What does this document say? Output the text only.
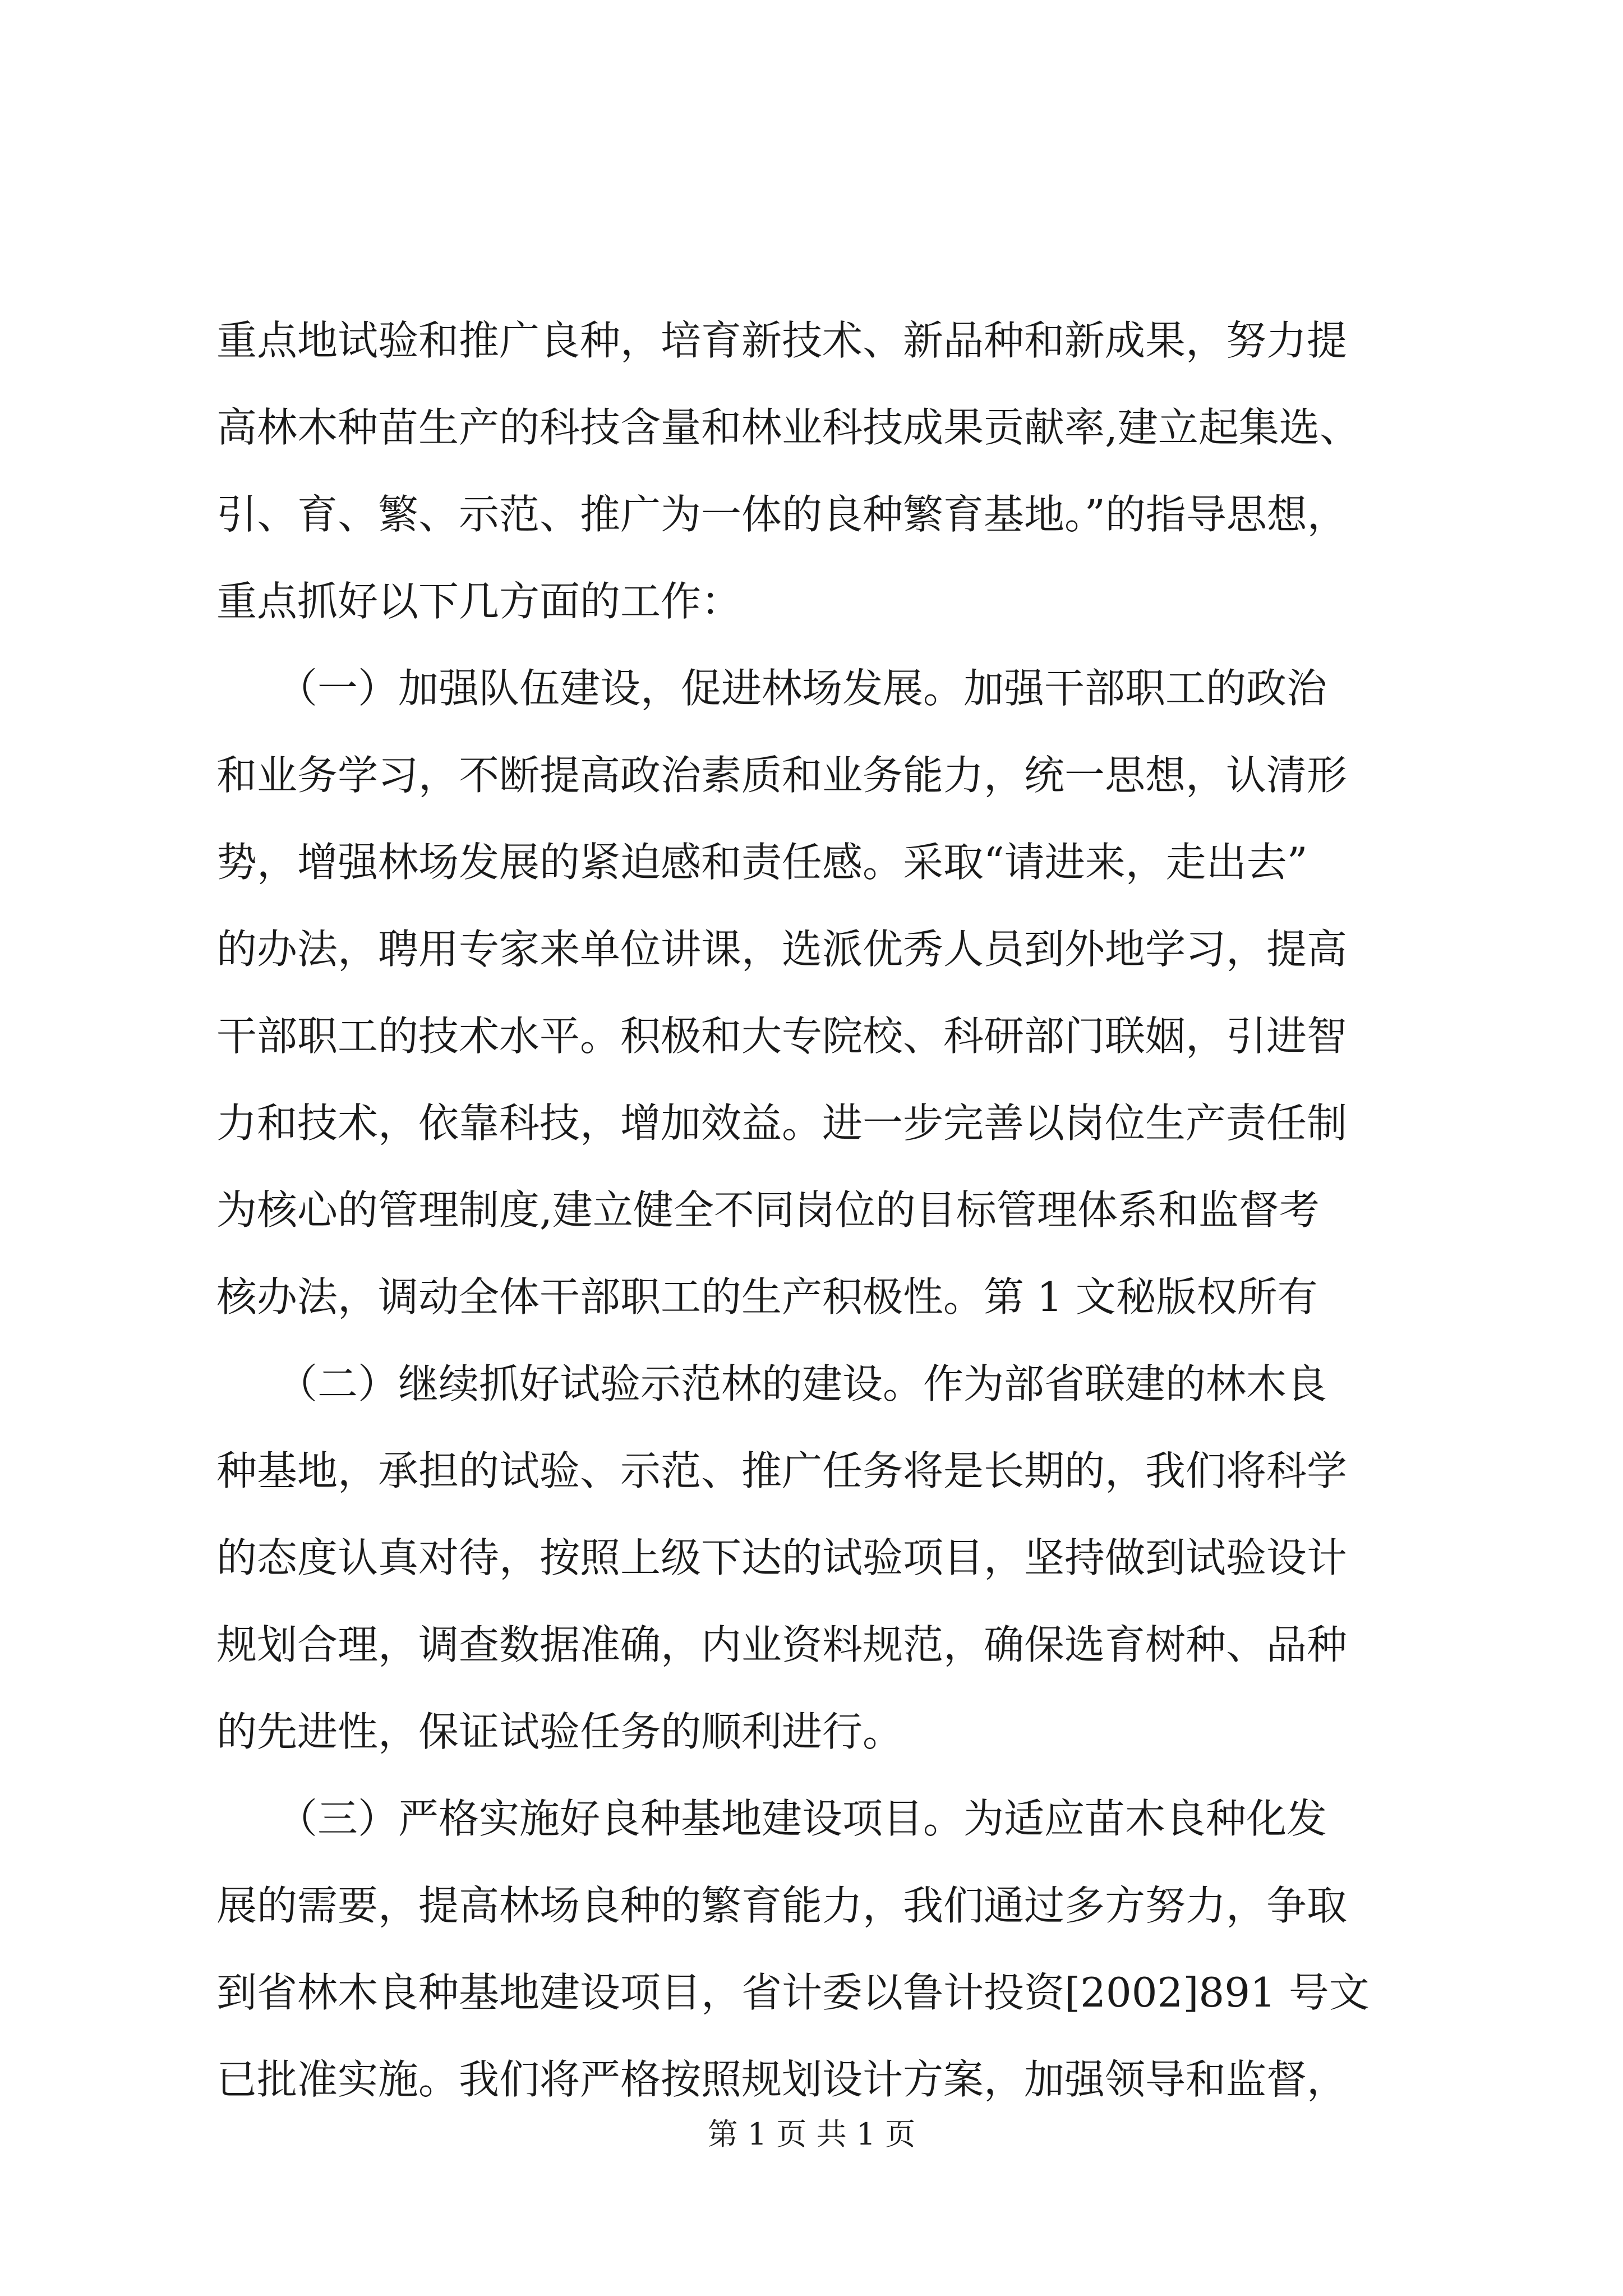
重点地试验和推广良种，培育新技术、新品种和新成果，努力提
高林木种苗生产的科技含量和林业科技成果贡献率,建立起集选、
引、育、繁、示范、推广为一体的良种繁育基地。”的指导思想，
重点抓好以下几方面的工作：
　　（一）加强队伍建设，促进林场发展。加强干部职工的政治
和业务学习，不断提高政治素质和业务能力，统一思想，认清形
势，增强林场发展的紧迫感和责任感。采取“请进来，走出去”
的办法，聘用专家来单位讲课，选派优秀人员到外地学习，提高
干部职工的技术水平。积极和大专院校、科研部门联姻，引进智
力和技术，依靠科技，增加效益。进一步完善以岗位生产责任制
为核心的管理制度,建立健全不同岗位的目标管理体系和监督考
核办法，调动全体干部职工的生产积极性。第 1 文秘版权所有
　　（二）继续抓好试验示范林的建设。作为部省联建的林木良
种基地，承担的试验、示范、推广任务将是长期的，我们将科学
的态度认真对待，按照上级下达的试验项目，坚持做到试验设计
规划合理，调查数据准确，内业资料规范，确保选育树种、品种
的先进性，保证试验任务的顺利进行。
　　（三）严格实施好良种基地建设项目。为适应苗木良种化发
展的需要，提高林场良种的繁育能力，我们通过多方努力，争取
到省林木良种基地建设项目，省计委以鲁计投资[2002]891 号文
已批准实施。我们将严格按照规划设计方案，加强领导和监督，
第 1 页 共 1 页
